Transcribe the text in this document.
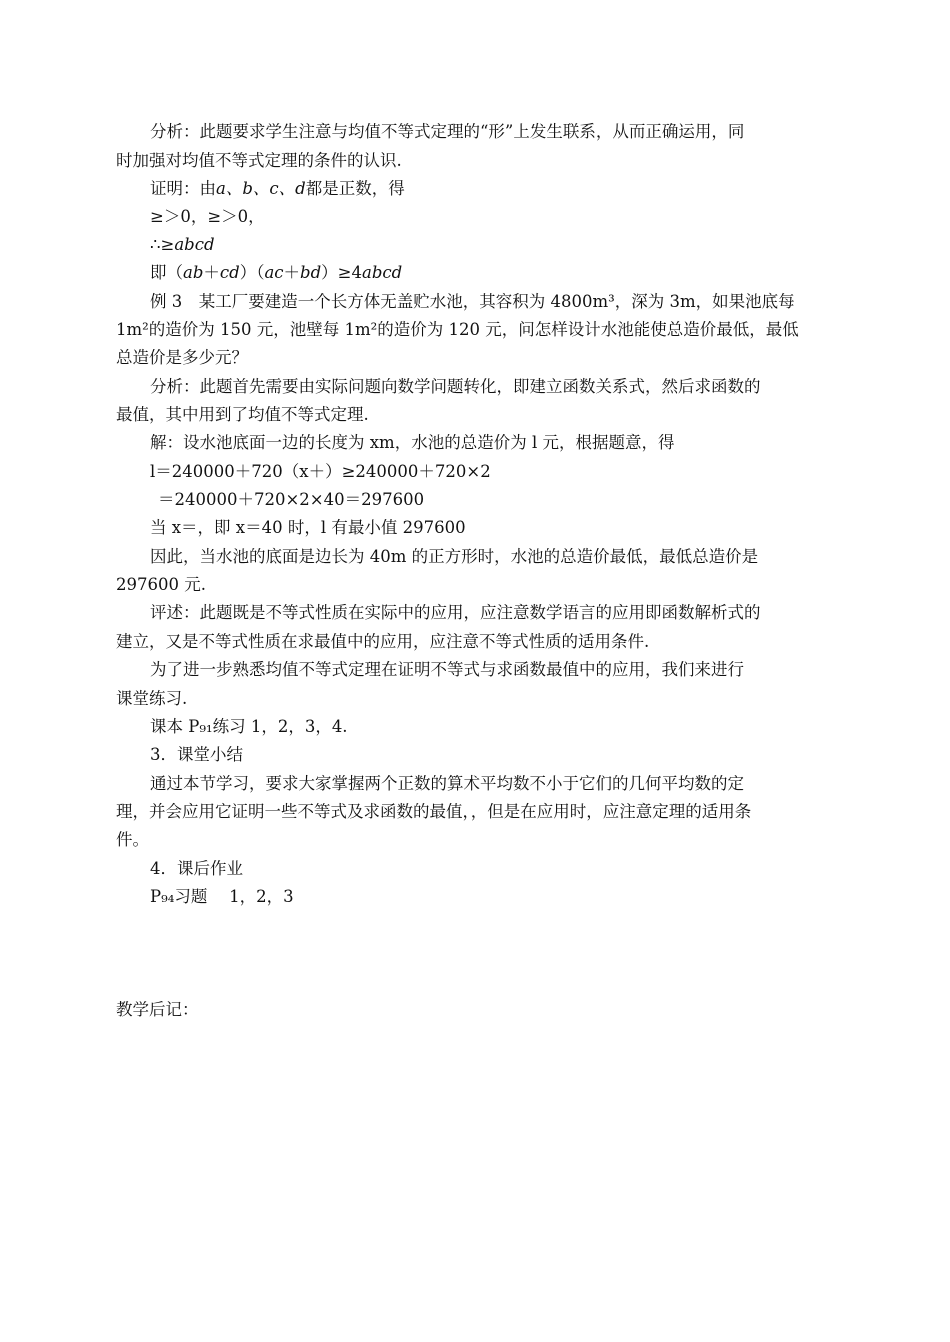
分析：此题要求学生注意与均值不等式定理的“形”上发生联系，从而正确运用，同
时加强对均值不等式定理的条件的认识.
证明：由a、b、c、d都是正数，得
≥＞0，≥＞0，
∴≥abcd
即（ab＋cd）（ac＋bd）≥4abcd
例 3　某工厂要建造一个长方体无盖贮水池，其容积为 4800m³，深为 3m，如果池底每
1m²的造价为 150 元，池壁每 1m²的造价为 120 元，问怎样设计水池能使总造价最低，最低
总造价是多少元？
分析：此题首先需要由实际问题向数学问题转化，即建立函数关系式，然后求函数的
最值，其中用到了均值不等式定理.
解：设水池底面一边的长度为 xm，水池的总造价为 l 元，根据题意，得
l＝240000＋720（x＋）≥240000＋720×2
＝240000＋720×2×40＝297600
当 x＝，即 x＝40 时，l 有最小值 297600
因此，当水池的底面是边长为 40m 的正方形时，水池的总造价最低，最低总造价是
297600 元.
评述：此题既是不等式性质在实际中的应用，应注意数学语言的应用即函数解析式的
建立，又是不等式性质在求最值中的应用，应注意不等式性质的适用条件.
为了进一步熟悉均值不等式定理在证明不等式与求函数最值中的应用，我们来进行
课堂练习.
课本 P₉₁练习 1，2，3，4.
3．课堂小结
通过本节学习，要求大家掌握两个正数的算术平均数不小于它们的几何平均数的定
理，并会应用它证明一些不等式及求函数的最值，，但是在应用时，应注意定理的适用条
件。
4．课后作业
P₉₄习题　 1，2，3
教学后记：
